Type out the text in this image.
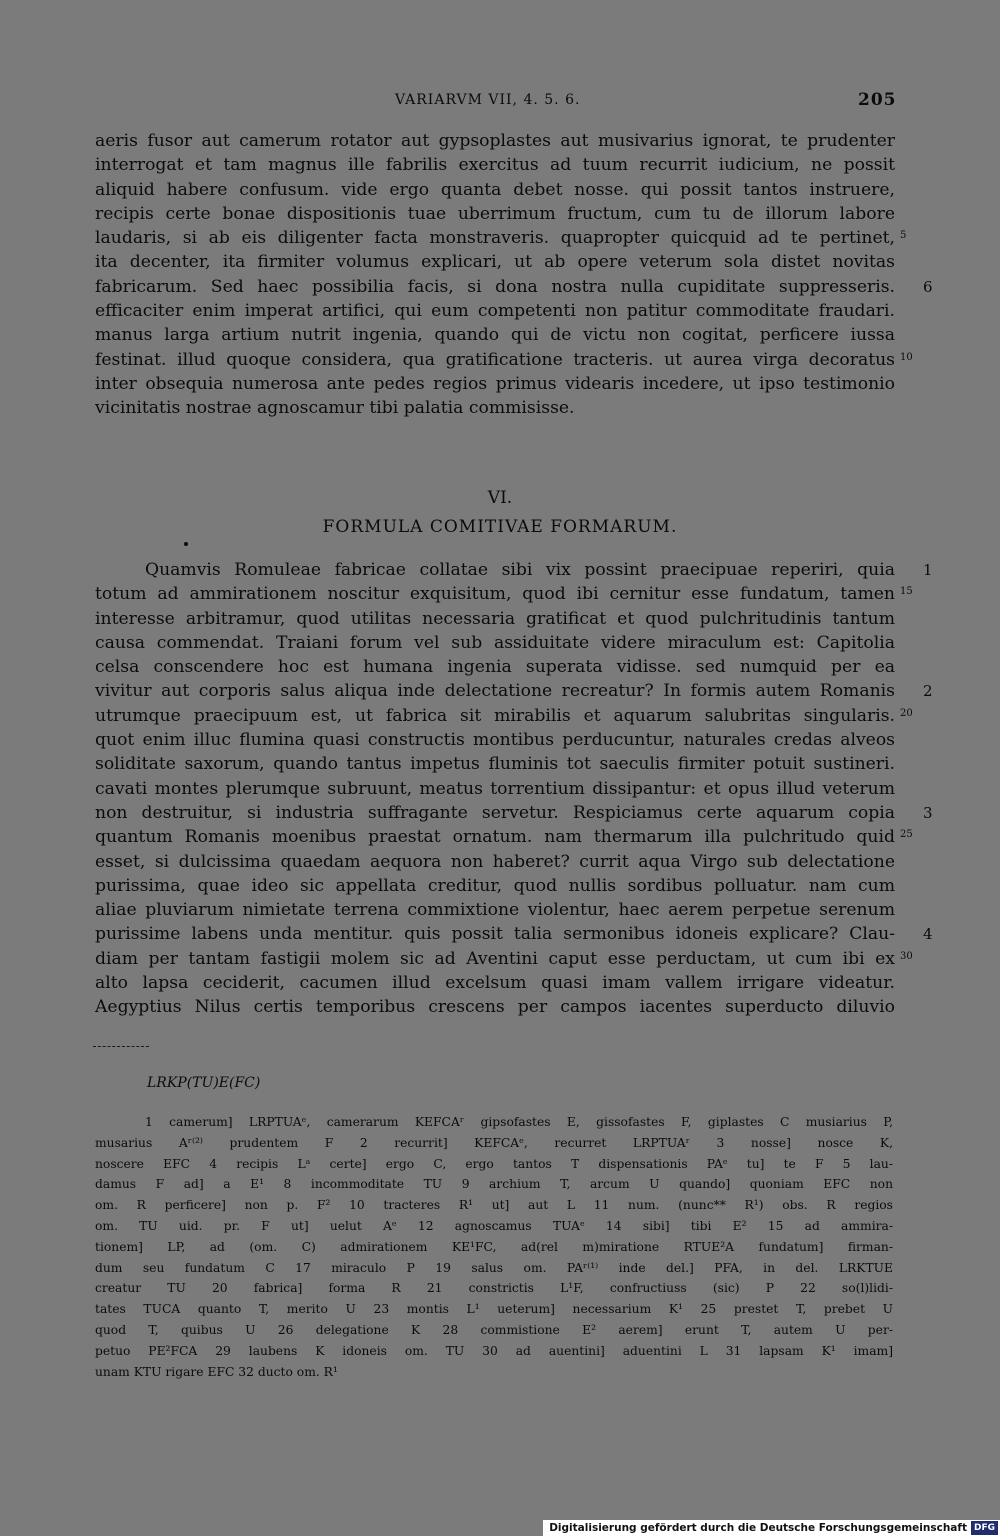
VARIARVM VII, 4. 5. 6.	205
aeris fusor aut camerum rotator aut gypsoplastes aut musivarius ignorat, te prudenter
interrogat et tam magnus ille fabrilis exercitus ad tuum recurrit iudicium, ne possit
aliquid habere confusum. vide ergo quanta debet nosse. qui possit tantos instruere,
recipis certe bonae dispositionis tuae uberrimum fructum, cum tu de illorum labore
laudaris, si ab eis diligenter facta monstraveris. quapropter quicquid ad te pertinet, 5
ita decenter, ita firmiter volumus explicari, ut ab opere veterum sola distet novitas
fabricarum. Sed haec possibilia facis, si dona nostra nulla cupiditate suppresseris. 6
efficaciter enim imperat artifici, qui eum competenti non patitur commoditate fraudari.
manus larga artium nutrit ingenia, quando qui de victu non cogitat, perficere iussa
festinat. illud quoque considera, qua gratificatione tracteris. ut aurea virga decoratus 10
inter obsequia numerosa ante pedes regios primus videaris incedere, ut ipso testimonio
vicinitatis nostrae agnoscamur tibi palatia commisisse.
VI.
FORMULA COMITIVAE FORMARUM.
Quamvis Romuleae fabricae collatae sibi vix possint praecipuae reperiri, quia 1
totum ad ammirationem noscitur exquisitum, quod ibi cernitur esse fundatum, tamen 15
interesse arbitramur, quod utilitas necessaria gratificat et quod pulchritudinis tantum
causa commendat. Traiani forum vel sub assiduitate videre miraculum est: Capitolia
celsa conscendere hoc est humana ingenia superata vidisse. sed numquid per ea
vivitur aut corporis salus aliqua inde delectatione recreatur? In formis autem Romanis 2
utrumque praecipuum est, ut fabrica sit mirabilis et aquarum salubritas singularis. 20
quot enim illuc flumina quasi constructis montibus perducuntur, naturales credas alveos
soliditate saxorum, quando tantus impetus fluminis tot saeculis firmiter potuit sustineri.
cavati montes plerumque subruunt, meatus torrentium dissipantur: et opus illud veterum
non destruitur, si industria suffragante servetur. Respiciamus certe aquarum copia 3
quantum Romanis moenibus praestat ornatum. nam thermarum illa pulchritudo quid 25
esset, si dulcissima quaedam aequora non haberet? currit aqua Virgo sub delectatione
purissima, quae ideo sic appellata creditur, quod nullis sordibus polluatur. nam cum
aliae pluviarum nimietate terrena commixtione violentur, haec aerem perpetue serenum
purissime labens unda mentitur. quis possit talia sermonibus idoneis explicare? Clau- 4
diam per tantam fastigii molem sic ad Aventini caput esse perductam, ut cum ibi ex 30
alto lapsa ceciderit, cacumen illud excelsum quasi imam vallem irrigare videatur.
Aegyptius Nilus certis temporibus crescens per campos iacentes superducto diluvio
LRKP(TU)E(FC)
1 camerum] LRPTUAᵉ, camerarum KEFCAʳ gipsofastes E, gissofastes F, giplastes C musiarius P,
musarius Aʳ⁽²⁾ prudentem F 2 recurrit] KEFCAᵉ, recurret LRPTUAʳ 3 nosse] nosce K,
noscere EFC 4 recipis Lᵃ certe] ergo C, ergo tantos T dispensationis PAᵉ tu] te F 5 lau-
damus F ad] a E¹ 8 incommoditate TU 9 archium T, arcum U quando] quoniam EFC non
om. R perficere] non p. F² 10 tracteres R¹ ut] aut L 11 num. (nunc** R¹) obs. R regios
om. TU uid. pr. F ut] uelut Aᵉ 12 agnoscamus TUAᵉ 14 sibi] tibi E² 15 ad ammira-
tionem] LP, ad (om. C) admirationem KE¹FC, ad(rel m)miratione RTUE²A fundatum] firman-
dum seu fundatum C 17 miraculo P 19 salus om. PAʳ⁽¹⁾ inde del.] PFA, in del. LRKTUE
creatur TU 20 fabrica] forma R 21 constrictis L¹F, confructiuss (sic) P 22 so(l)lidi-
tates TUCA quanto T, merito U 23 montis L¹ ueterum] necessarium K¹ 25 prestet T, prebet U
quod T, quibus U 26 delegatione K 28 commistione E² aerem] erunt T, autem U per-
petuo PE²FCA 29 laubens K idoneis om. TU 30 ad auentini] aduentini L 31 lapsam K¹ imam]
unam KTU rigare EFC 32 ducto om. R¹
Digitalisierung gefördert durch die Deutsche Forschungsgemeinschaft DFG
